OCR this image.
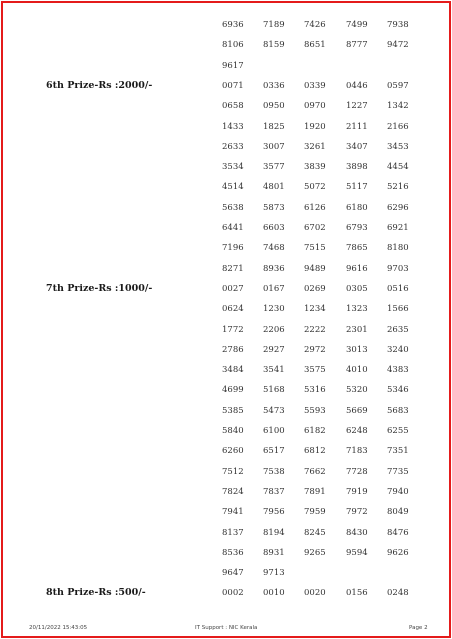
6936 7189 7426 7499 7938
8106 8159 8651 8777 9472
9617
6th Prize-Rs :2000/-	0071 0336 0339 0446 0597
0658 0950 0970 1227 1342
1433 1825 1920 2111 2166
2633 3007 3261 3407 3453
3534 3577 3839 3898 4454
4514 4801 5072 5117 5216
5638 5873 6126 6180 6296
6441 6603 6702 6793 6921
7196 7468 7515 7865 8180
8271 8936 9489 9616 9703
7th Prize-Rs :1000/-	0027 0167 0269 0305 0516
0624 1230 1234 1323 1566
1772 2206 2222 2301 2635
2786 2927 2972 3013 3240
3484 3541 3575 4010 4383
4699 5168 5316 5320 5346
5385 5473 5593 5669 5683
5840 6100 6182 6248 6255
6260 6517 6812 7183 7351
7512 7538 7662 7728 7735
7824 7837 7891 7919 7940
7941 7956 7959 7972 8049
8137 8194 8245 8430 8476
8536 8931 9265 9594 9626
9647 9713
8th Prize-Rs :500/-	0002 0010 0020 0156 0248
20/11/2022 15:43:05	IT Support : NIC Kerala	Page 2
